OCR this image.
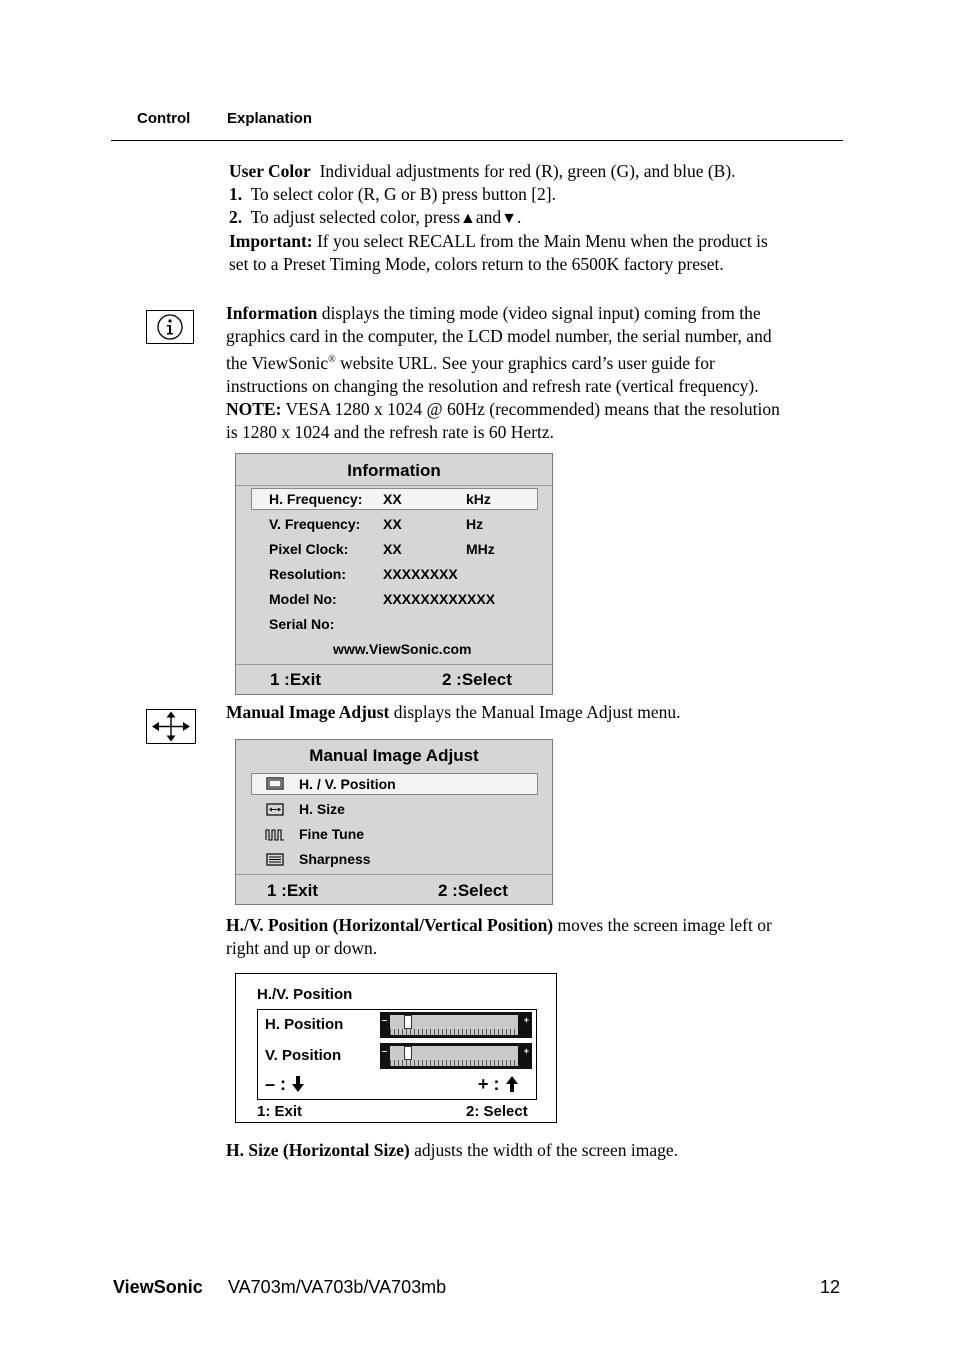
Control Explanation
User Color Individual adjustments for red (R), green (G), and blue (B).
1. To select color (R, G or B) press button [2].
2. To adjust selected color, press▲and▼.
Important: If you select RECALL from the Main Menu when the product is
set to a Preset Timing Mode, colors return to the 6500K factory preset.
Information displays the timing mode (video signal input) coming from the
graphics card in the computer, the LCD model number, the serial number, and
the ViewSonic® website URL. See your graphics card’s user guide for
instructions on changing the resolution and refresh rate (vertical frequency).
NOTE: VESA 1280 x 1024 @ 60Hz (recommended) means that the resolution
is 1280 x 1024 and the refresh rate is 60 Hertz.
Information
H. Frequency: XX	kHz
V. Frequency: XX	Hz
Pixel Clock: XX	MHz
Resolution:	XXXXXXXX
Model No:	XXXXXXXXXXXX
Serial No:
www.ViewSonic.com
1 :Exit	2 :Select
Manual Image Adjust displays the Manual Image Adjust menu.
Manual Image Adjust
H. / V. Position
H. Size
Fine Tune
Sharpness
1 :Exit	2 :Select
H./V. Position (Horizontal/Vertical Position) moves the screen image left or
right and up or down.
H./V. Position
H. Position
V. Position
–	+
–	+
– :	+ :
1: Exit	2: Select
H. Size (Horizontal Size) adjusts the width of the screen image.
ViewSonic VA703m/VA703b/VA703mb	12
